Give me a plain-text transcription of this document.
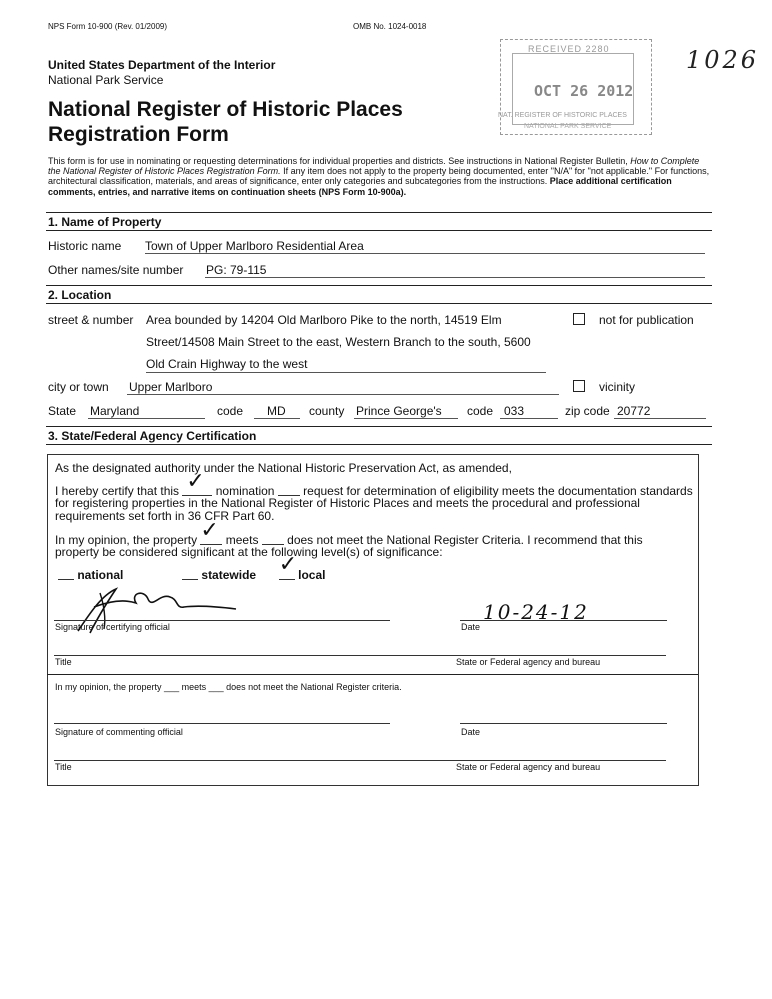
NPS Form 10-900 (Rev. 01/2009)	OMB No. 1024-0018
United States Department of the Interior
National Park Service
National Register of Historic Places
Registration Form
RECEIVED 2280
OCT 26 2012
NAT. REGISTER OF HISTORIC PLACES
NATIONAL PARK SERVICE
1026
This form is for use in nominating or requesting determinations for individual properties and districts. See instructions in National Register Bulletin, How to Complete the National Register of Historic Places Registration Form. If any item does not apply to the property being documented, enter "N/A" for "not applicable." For functions, architectural classification, materials, and areas of significance, enter only categories and subcategories from the instructions. Place additional certification comments, entries, and narrative items on continuation sheets (NPS Form 10-900a).
1. Name of Property
Historic name Town of Upper Marlboro Residential Area
Other names/site number PG: 79-115
2. Location
street & number Area bounded by 14204 Old Marlboro Pike to the north, 14519 Elm
Street/14508 Main Street to the east, Western Branch to the south, 5600
Old Crain Highway to the west
not for publication
city or town Upper Marlboro	vicinity
State Maryland	code MD county Prince George's code 033	zip code 20772
3. State/Federal Agency Certification
As the designated authority under the National Historic Preservation Act, as amended,
I hereby certify that this ✓ nomination request for determination of eligibility meets the documentation standards
for registering properties in the National Register of Historic Places and meets the procedural and professional
requirements set forth in 36 CFR Part 60.
In my opinion, the property ✓ meets does not meet the National Register Criteria. I recommend that this
property be considered significant at the following level(s) of significance:
national	statewide ✓ local
10-24-12
Signature of certifying official	Date
Title	State or Federal agency and bureau
In my opinion, the property ___ meets ___ does not meet the National Register criteria.
Signature of commenting official	Date
Title	State or Federal agency and bureau
